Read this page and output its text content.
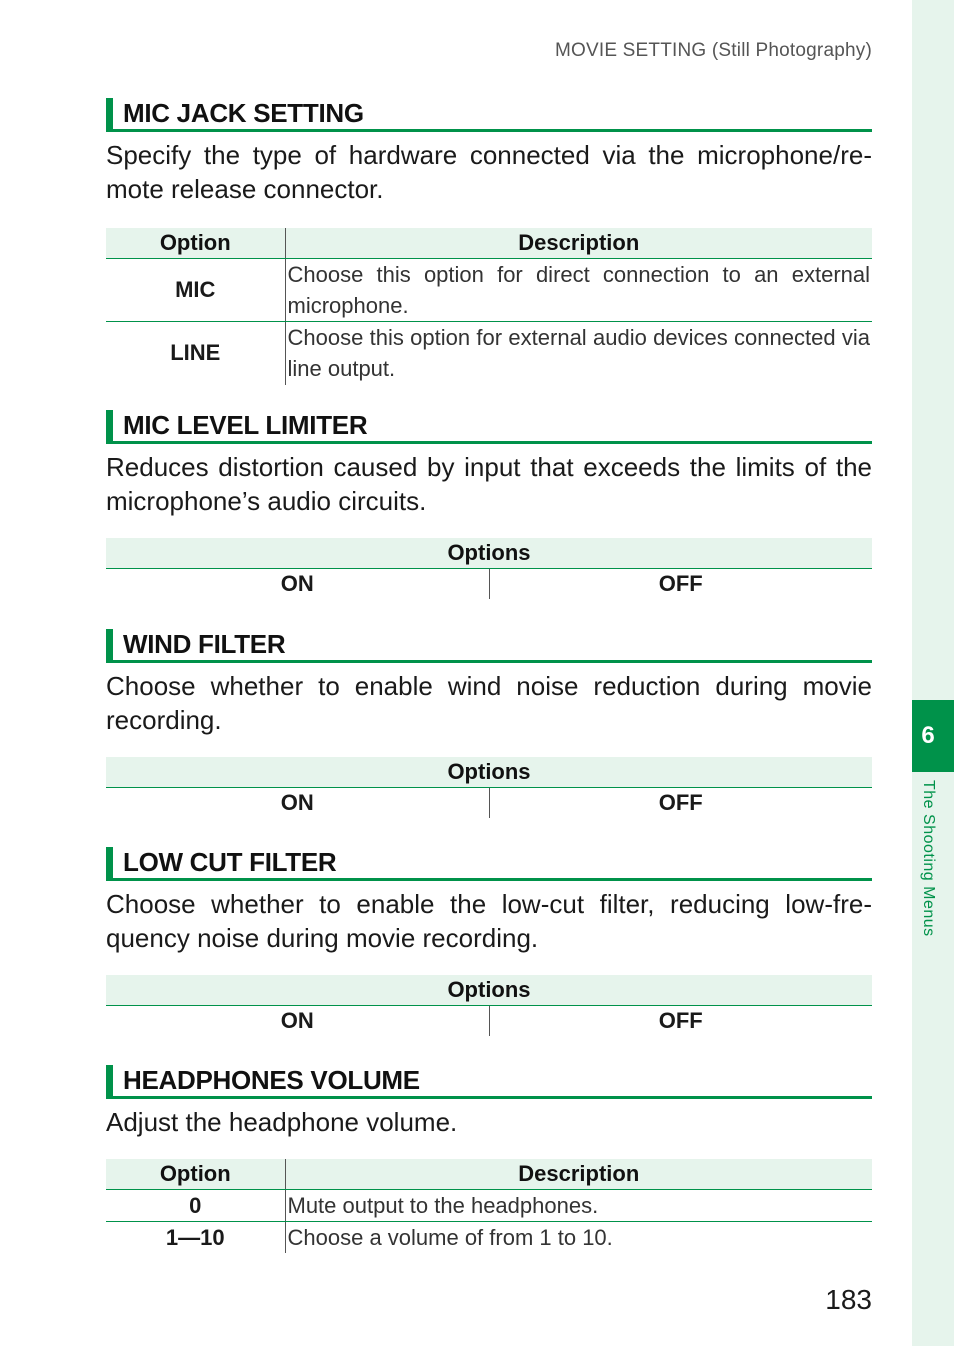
MOVIE SETTING (Still Photography)
6
The Shooting Menus
MIC JACK SETTING

Specify the type of hardware connected via the microphone/remote release connector.

Option	Description
MIC	Choose this option for direct connection to an external microphone.
LINE	Choose this option for external audio devices connected via line output.
MIC LEVEL LIMITER

Reduces distortion caused by input that exceeds the limits of the microphone’s audio circuits.

Options
ON	OFF
WIND FILTER

Choose whether to enable wind noise reduction during movie recording.

Options
ON	OFF
LOW CUT FILTER

Choose whether to enable the low-cut filter, reducing low-frequency noise during movie recording.

Options
ON	OFF
HEADPHONES VOLUME

Adjust the headphone volume.

Option	Description
0	Mute output to the headphones.
1—10	Choose a volume of from 1 to 10.
183
